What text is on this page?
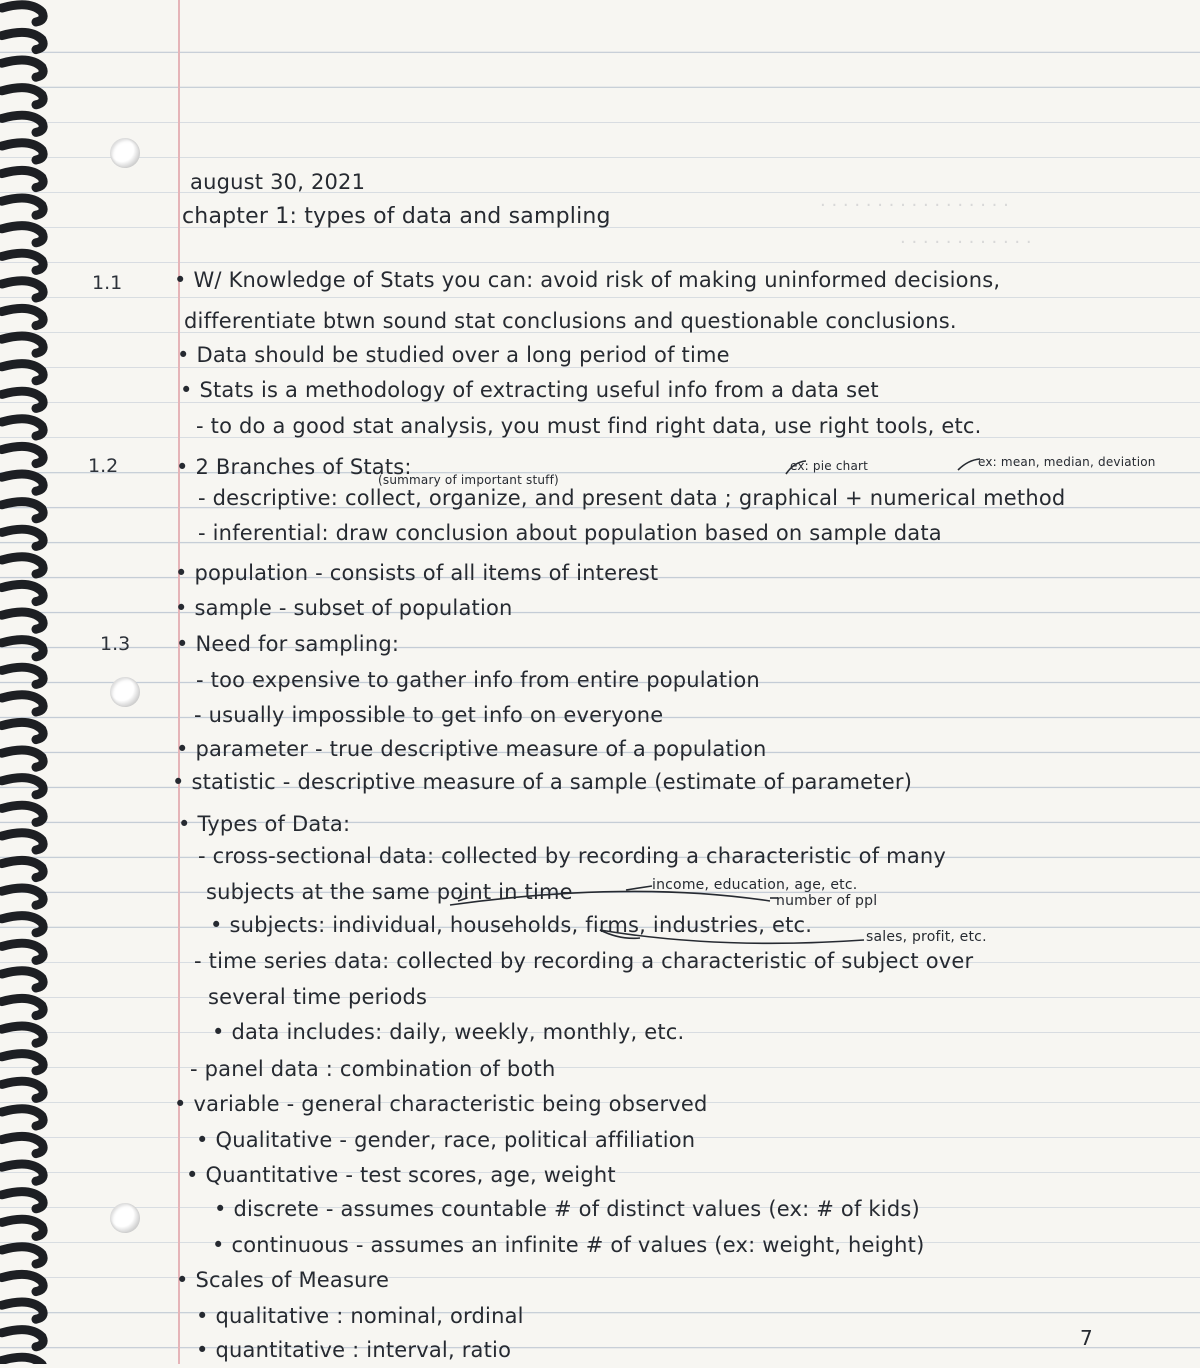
· · · · · · · · · · · · · · · · ·
· · · · · · · · · · · ·
august 30, 2021
chapter 1: types of data and sampling
1.1
1.2
1.3
• W/ Knowledge of Stats you can: avoid risk of making uninformed decisions,
differentiate btwn sound stat conclusions and questionable conclusions.
• Data should be studied over a long period of time
• Stats is a methodology of extracting useful info from a data set
- to do a good stat analysis, you must find right data, use right tools, etc.
• 2 Branches of Stats:
(summary of important stuff)
ex: pie chart	ex: mean, median, deviation
- descriptive: collect, organize, and present data ; graphical + numerical method
- inferential: draw conclusion about population based on sample data
• population - consists of all items of interest
• sample - subset of population
• Need for sampling:
- too expensive to gather info from entire population
- usually impossible to get info on everyone
• parameter - true descriptive measure of a population
• statistic - descriptive measure of a sample (estimate of parameter)
• Types of Data:
- cross-sectional data: collected by recording a characteristic of many
subjects at the same point in time	income, education, age, etc.
number of ppl
• subjects: individual, households, firms, industries, etc.	sales, profit, etc.
- time series data: collected by recording a characteristic of subject over
several time periods
• data includes: daily, weekly, monthly, etc.
- panel data : combination of both
• variable - general characteristic being observed
• Qualitative - gender, race, political affiliation
• Quantitative - test scores, age, weight
• discrete - assumes countable # of distinct values (ex: # of kids)
• continuous - assumes an infinite # of values (ex: weight, height)
• Scales of Measure
• qualitative : nominal, ordinal
• quantitative : interval, ratio	7
